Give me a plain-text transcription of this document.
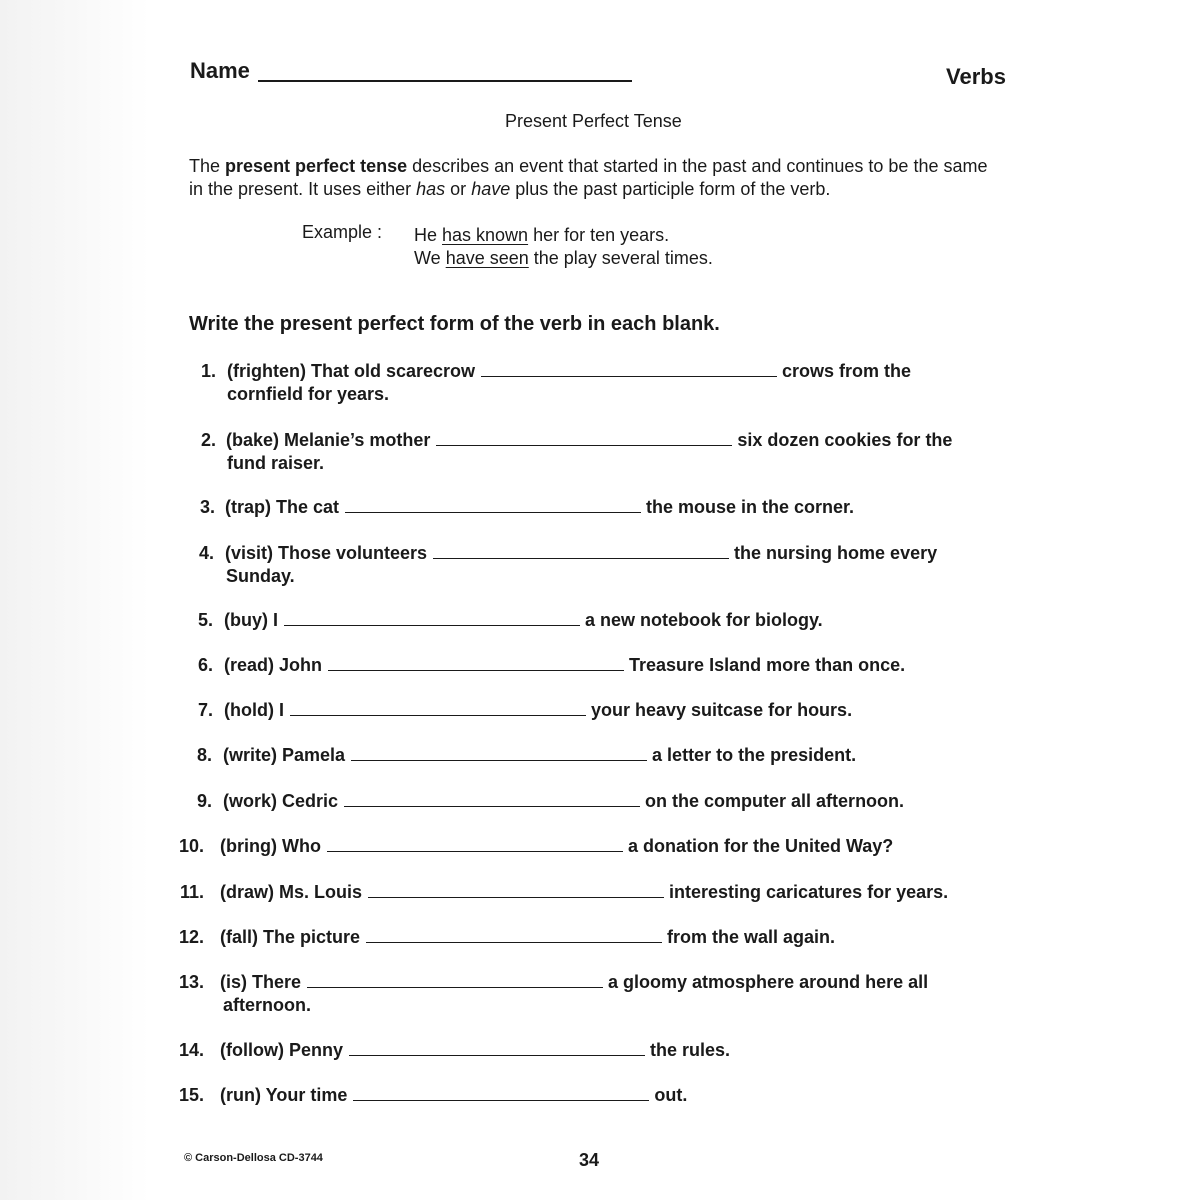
Name	Verbs
Present Perfect Tense
The present perfect tense describes an event that started in the past and continues to be the same in the present. It uses either has or have plus the past participle form of the verb.
Example : He has known her for ten years.
We have seen the play several times.
Write the present perfect form of the verb in each blank.
1. (frighten) That old scarecrow	crows from the
cornfield for years.
2. (bake) Melanie’s mother	six dozen cookies for the
fund raiser.
3. (trap) The cat	the mouse in the corner.
4. (visit) Those volunteers	the nursing home every
Sunday.
5. (buy) I	a new notebook for biology.
6. (read) John	Treasure Island more than once.
7. (hold) I	your heavy suitcase for hours.
8. (write) Pamela	a letter to the president.
9. (work) Cedric	on the computer all afternoon.
10. (bring) Who	a donation for the United Way?
11. (draw) Ms. Louis	interesting caricatures for years.
12. (fall) The picture	from the wall again.
13. (is) There	a gloomy atmosphere around here all
afternoon.
14. (follow) Penny	the rules.
15. (run) Your time	out.
© Carson-Dellosa CD-3744	34
